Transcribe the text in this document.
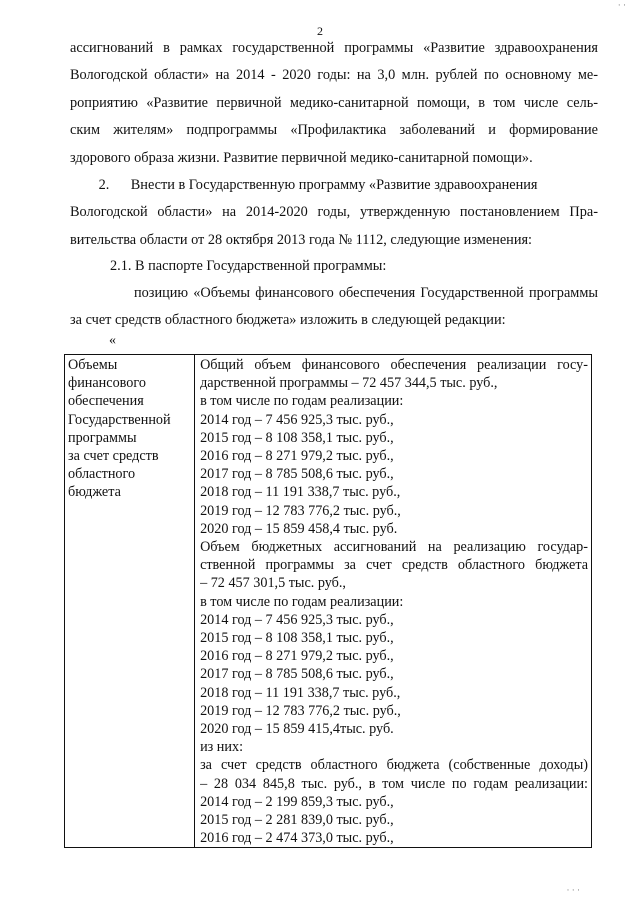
· ·
2
ассигнований в рамках государственной программы «Развитие здравоохранения
Вологодской области» на 2014 - 2020 годы: на 3,0 млн. рублей по основному ме-
роприятию «Развитие первичной медико-санитарной помощи, в том числе сель-
ским жителям» подпрограммы «Профилактика заболеваний и формирование
здорового образа жизни. Развитие первичной медико-санитарной помощи».
2.      Внести в Государственную программу «Развитие здравоохранения
Вологодской области» на 2014-2020 годы, утвержденную постановлением Пра-
вительства области от 28 октября 2013 года № 1112, следующие изменения:
2.1. В паспорте Государственной программы:
позицию «Объемы финансового обеспечения Государственной программы
за счет средств областного бюджета» изложить в следующей редакции:
«
Объемы
финансового
обеспечения
Государственной
программы
за счет средств
областного
бюджета

Общий объем финансового обеспечения реализации госу-
дарственной программы – 72 457 344,5 тыс. руб.,
в том числе по годам реализации:
2014 год – 7 456 925,3 тыс. руб.,
2015 год – 8 108 358,1 тыс. руб.,
2016 год – 8 271 979,2 тыс. руб.,
2017 год – 8 785 508,6 тыс. руб.,
2018 год – 11 191 338,7 тыс. руб.,
2019 год – 12 783 776,2 тыс. руб.,
2020 год – 15 859 458,4 тыс. руб.
Объем бюджетных ассигнований на реализацию государ-
ственной программы за счет средств областного бюджета
– 72 457 301,5 тыс. руб.,
в том числе по годам реализации:
2014 год – 7 456 925,3 тыс. руб.,
2015 год – 8 108 358,1 тыс. руб.,
2016 год – 8 271 979,2 тыс. руб.,
2017 год – 8 785 508,6 тыс. руб.,
2018 год – 11 191 338,7 тыс. руб.,
2019 год – 12 783 776,2 тыс. руб.,
2020 год – 15 859 415,4тыс. руб.
из них:
за счет средств областного бюджета (собственные доходы)
– 28 034 845,8 тыс. руб., в том числе по годам реализации:
2014 год – 2 199 859,3 тыс. руб.,
2015 год – 2 281 839,0 тыс. руб.,
2016 год – 2 474 373,0 тыс. руб.,
· · ·
